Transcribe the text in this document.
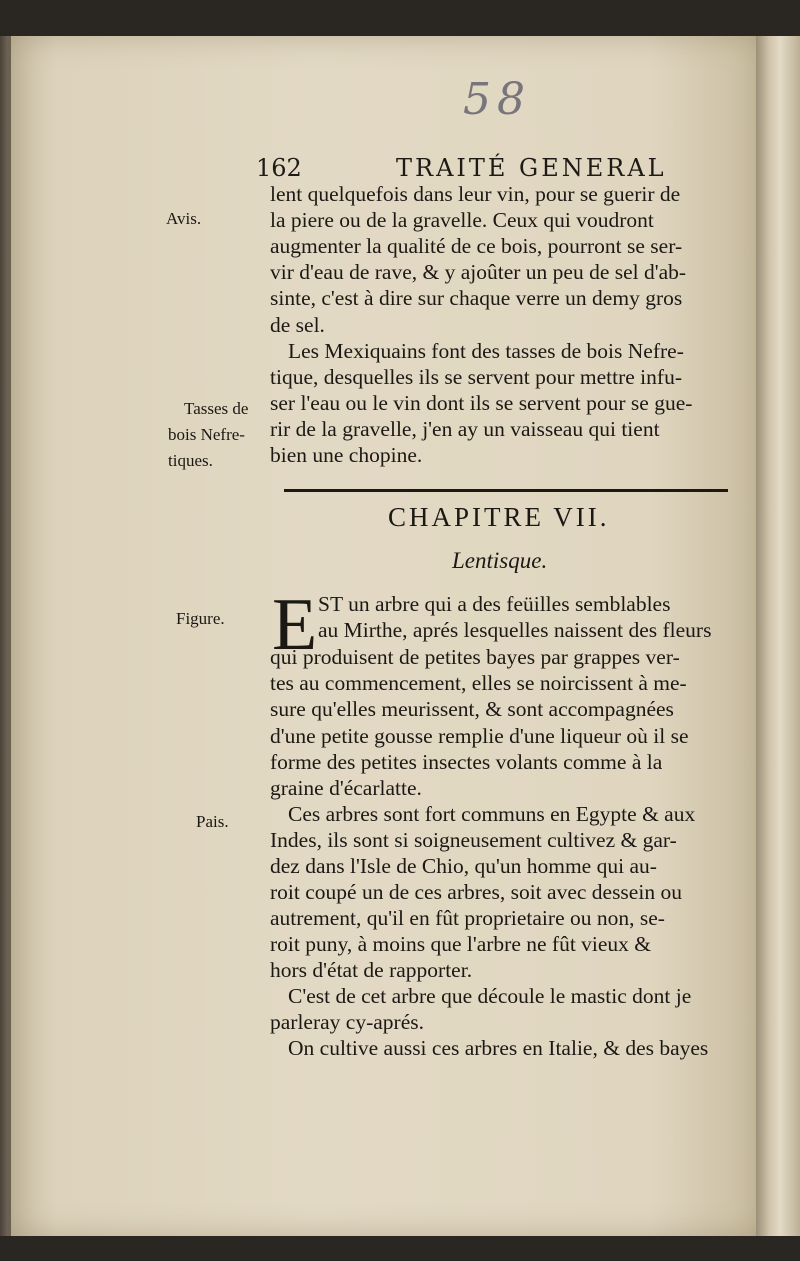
58
162	TRAITÉ GENERAL
Avis.
Tasses de
bois Nefre-
tiques.
Figure.
Pais.
lent quelquefois dans leur vin, pour se guerir de
la piere ou de la gravelle. Ceux qui voudront
augmenter la qualité de ce bois, pourront se ser-
vir d'eau de rave, & y ajoûter un peu de sel d'ab-
sinte, c'est à dire sur chaque verre un demy gros
de sel.
Les Mexiquains font des tasses de bois Nefre-
tique, desquelles ils se servent pour mettre infu-
ser l'eau ou le vin dont ils se servent pour se gue-
rir de la gravelle, j'en ay un vaisseau qui tient
bien une chopine.
CHAPITRE VII.
Lentisque.
E ST un arbre qui a des feüilles semblables
au Mirthe, aprés lesquelles naissent des fleurs
qui produisent de petites bayes par grappes ver-
tes au commencement, elles se noircissent à me-
sure qu'elles meurissent, & sont accompagnées
d'une petite gousse remplie d'une liqueur où il se
forme des petites insectes volants comme à la
graine d'écarlatte.
Ces arbres sont fort communs en Egypte & aux
Indes, ils sont si soigneusement cultivez & gar-
dez dans l'Isle de Chio, qu'un homme qui au-
roit coupé un de ces arbres, soit avec dessein ou
autrement, qu'il en fût proprietaire ou non, se-
roit puny, à moins que l'arbre ne fût vieux &
hors d'état de rapporter.
C'est de cet arbre que découle le mastic dont je
parleray cy-aprés.
On cultive aussi ces arbres en Italie, & des bayes
